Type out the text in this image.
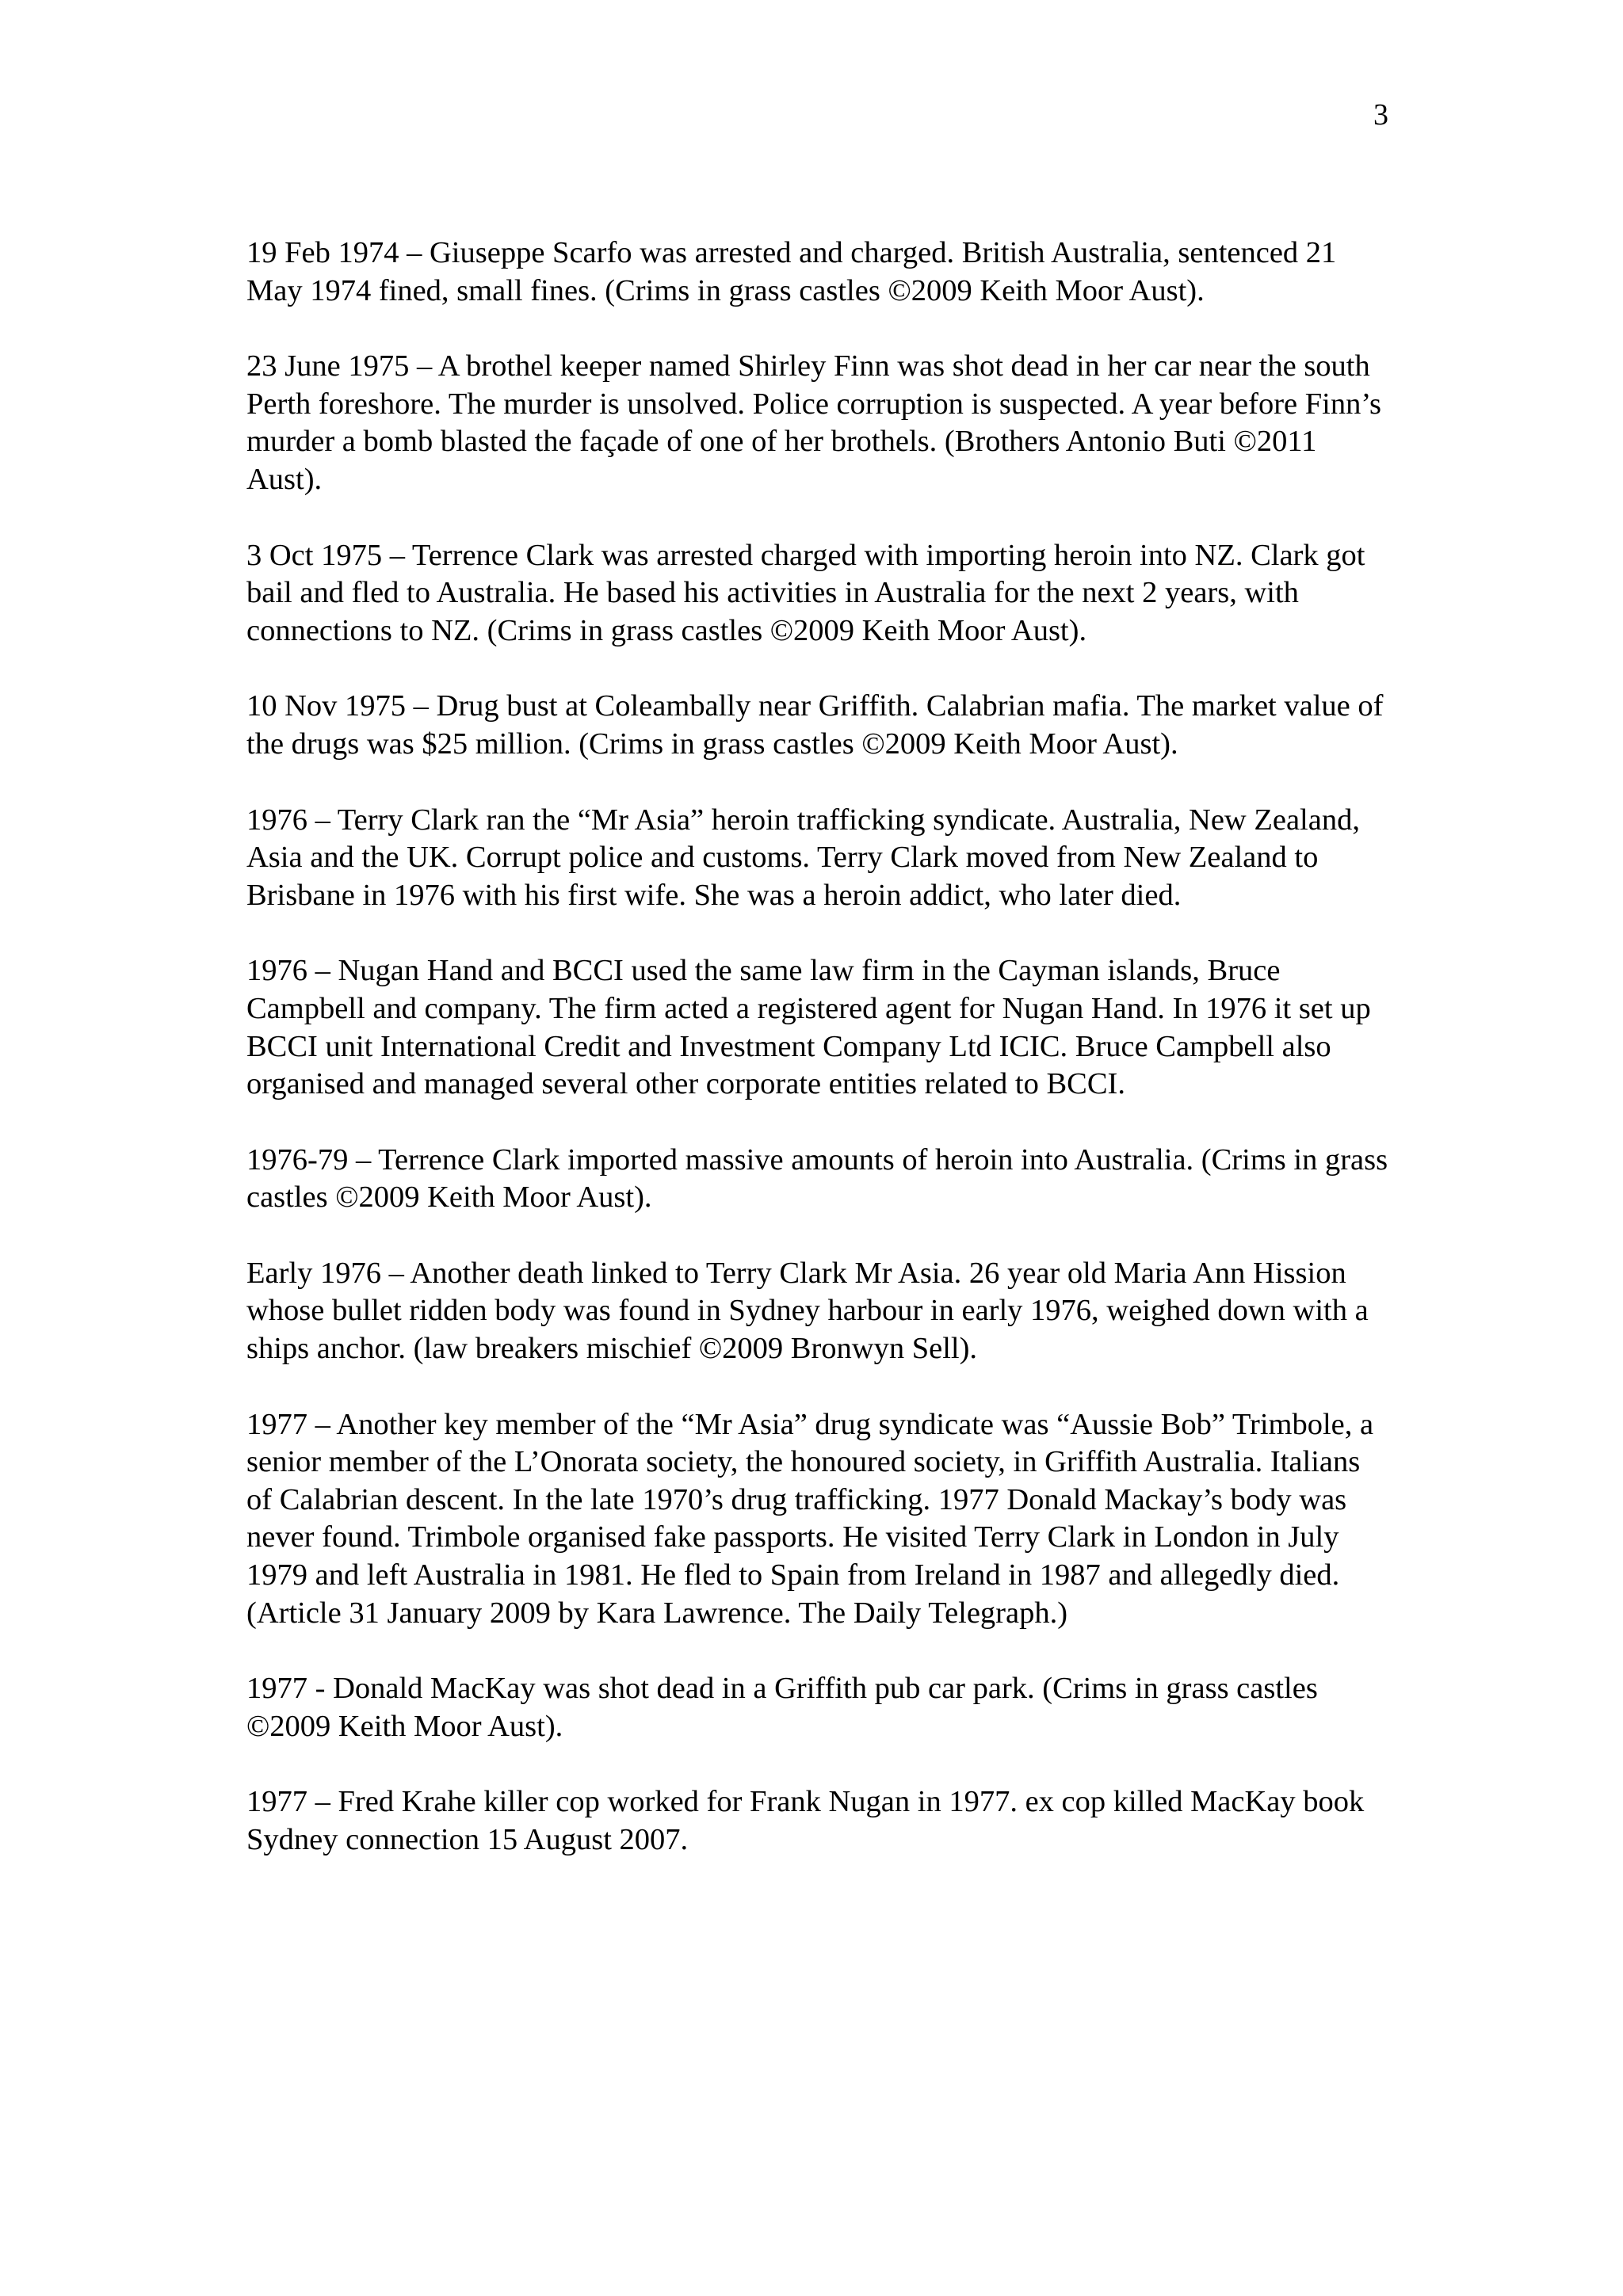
3

19 Feb 1974 – Giuseppe Scarfo was arrested and charged. British Australia, sentenced 21 May 1974 fined, small fines. (Crims in grass castles ©2009 Keith Moor Aust).

23 June 1975 – A brothel keeper named Shirley Finn was shot dead in her car near the south Perth foreshore. The murder is unsolved. Police corruption is suspected. A year before Finn’s murder a bomb blasted the façade of one of her brothels. (Brothers Antonio Buti ©2011 Aust).

3 Oct 1975 – Terrence Clark was arrested charged with importing heroin into NZ. Clark got bail and fled to Australia. He based his activities in Australia for the next 2 years, with connections to NZ. (Crims in grass castles ©2009 Keith Moor Aust).

10 Nov 1975 – Drug bust at Coleambally near Griffith. Calabrian mafia. The market value of the drugs was $25 million. (Crims in grass castles ©2009 Keith Moor Aust).

1976 – Terry Clark ran the “Mr Asia” heroin trafficking syndicate. Australia, New Zealand, Asia and the UK. Corrupt police and customs. Terry Clark moved from New Zealand to Brisbane in 1976 with his first wife. She was a heroin addict, who later died.

1976 – Nugan Hand and BCCI used the same law firm in the Cayman islands, Bruce Campbell and company. The firm acted a registered agent for Nugan Hand. In 1976 it set up BCCI unit International Credit and Investment Company Ltd ICIC. Bruce Campbell also organised and managed several other corporate entities related to BCCI.

1976-79 – Terrence Clark imported massive amounts of heroin into Australia. (Crims in grass castles ©2009 Keith Moor Aust).

Early 1976 – Another death linked to Terry Clark Mr Asia. 26 year old Maria Ann Hission whose bullet ridden body was found in Sydney harbour in early 1976, weighed down with a ships anchor. (law breakers mischief ©2009 Bronwyn Sell).

1977 – Another key member of the “Mr Asia” drug syndicate was “Aussie Bob” Trimbole, a senior member of the L’Onorata society, the honoured society, in Griffith Australia. Italians of Calabrian descent. In the late 1970’s drug trafficking. 1977 Donald Mackay’s body was never found. Trimbole organised fake passports. He visited Terry Clark in London in July 1979 and left Australia in 1981. He fled to Spain from Ireland in 1987 and allegedly died. (Article 31 January 2009 by Kara Lawrence. The Daily Telegraph.)

1977 - Donald MacKay was shot dead in a Griffith pub car park. (Crims in grass castles ©2009 Keith Moor Aust).

1977 – Fred Krahe killer cop worked for Frank Nugan in 1977. ex cop killed MacKay book Sydney connection 15 August 2007.
